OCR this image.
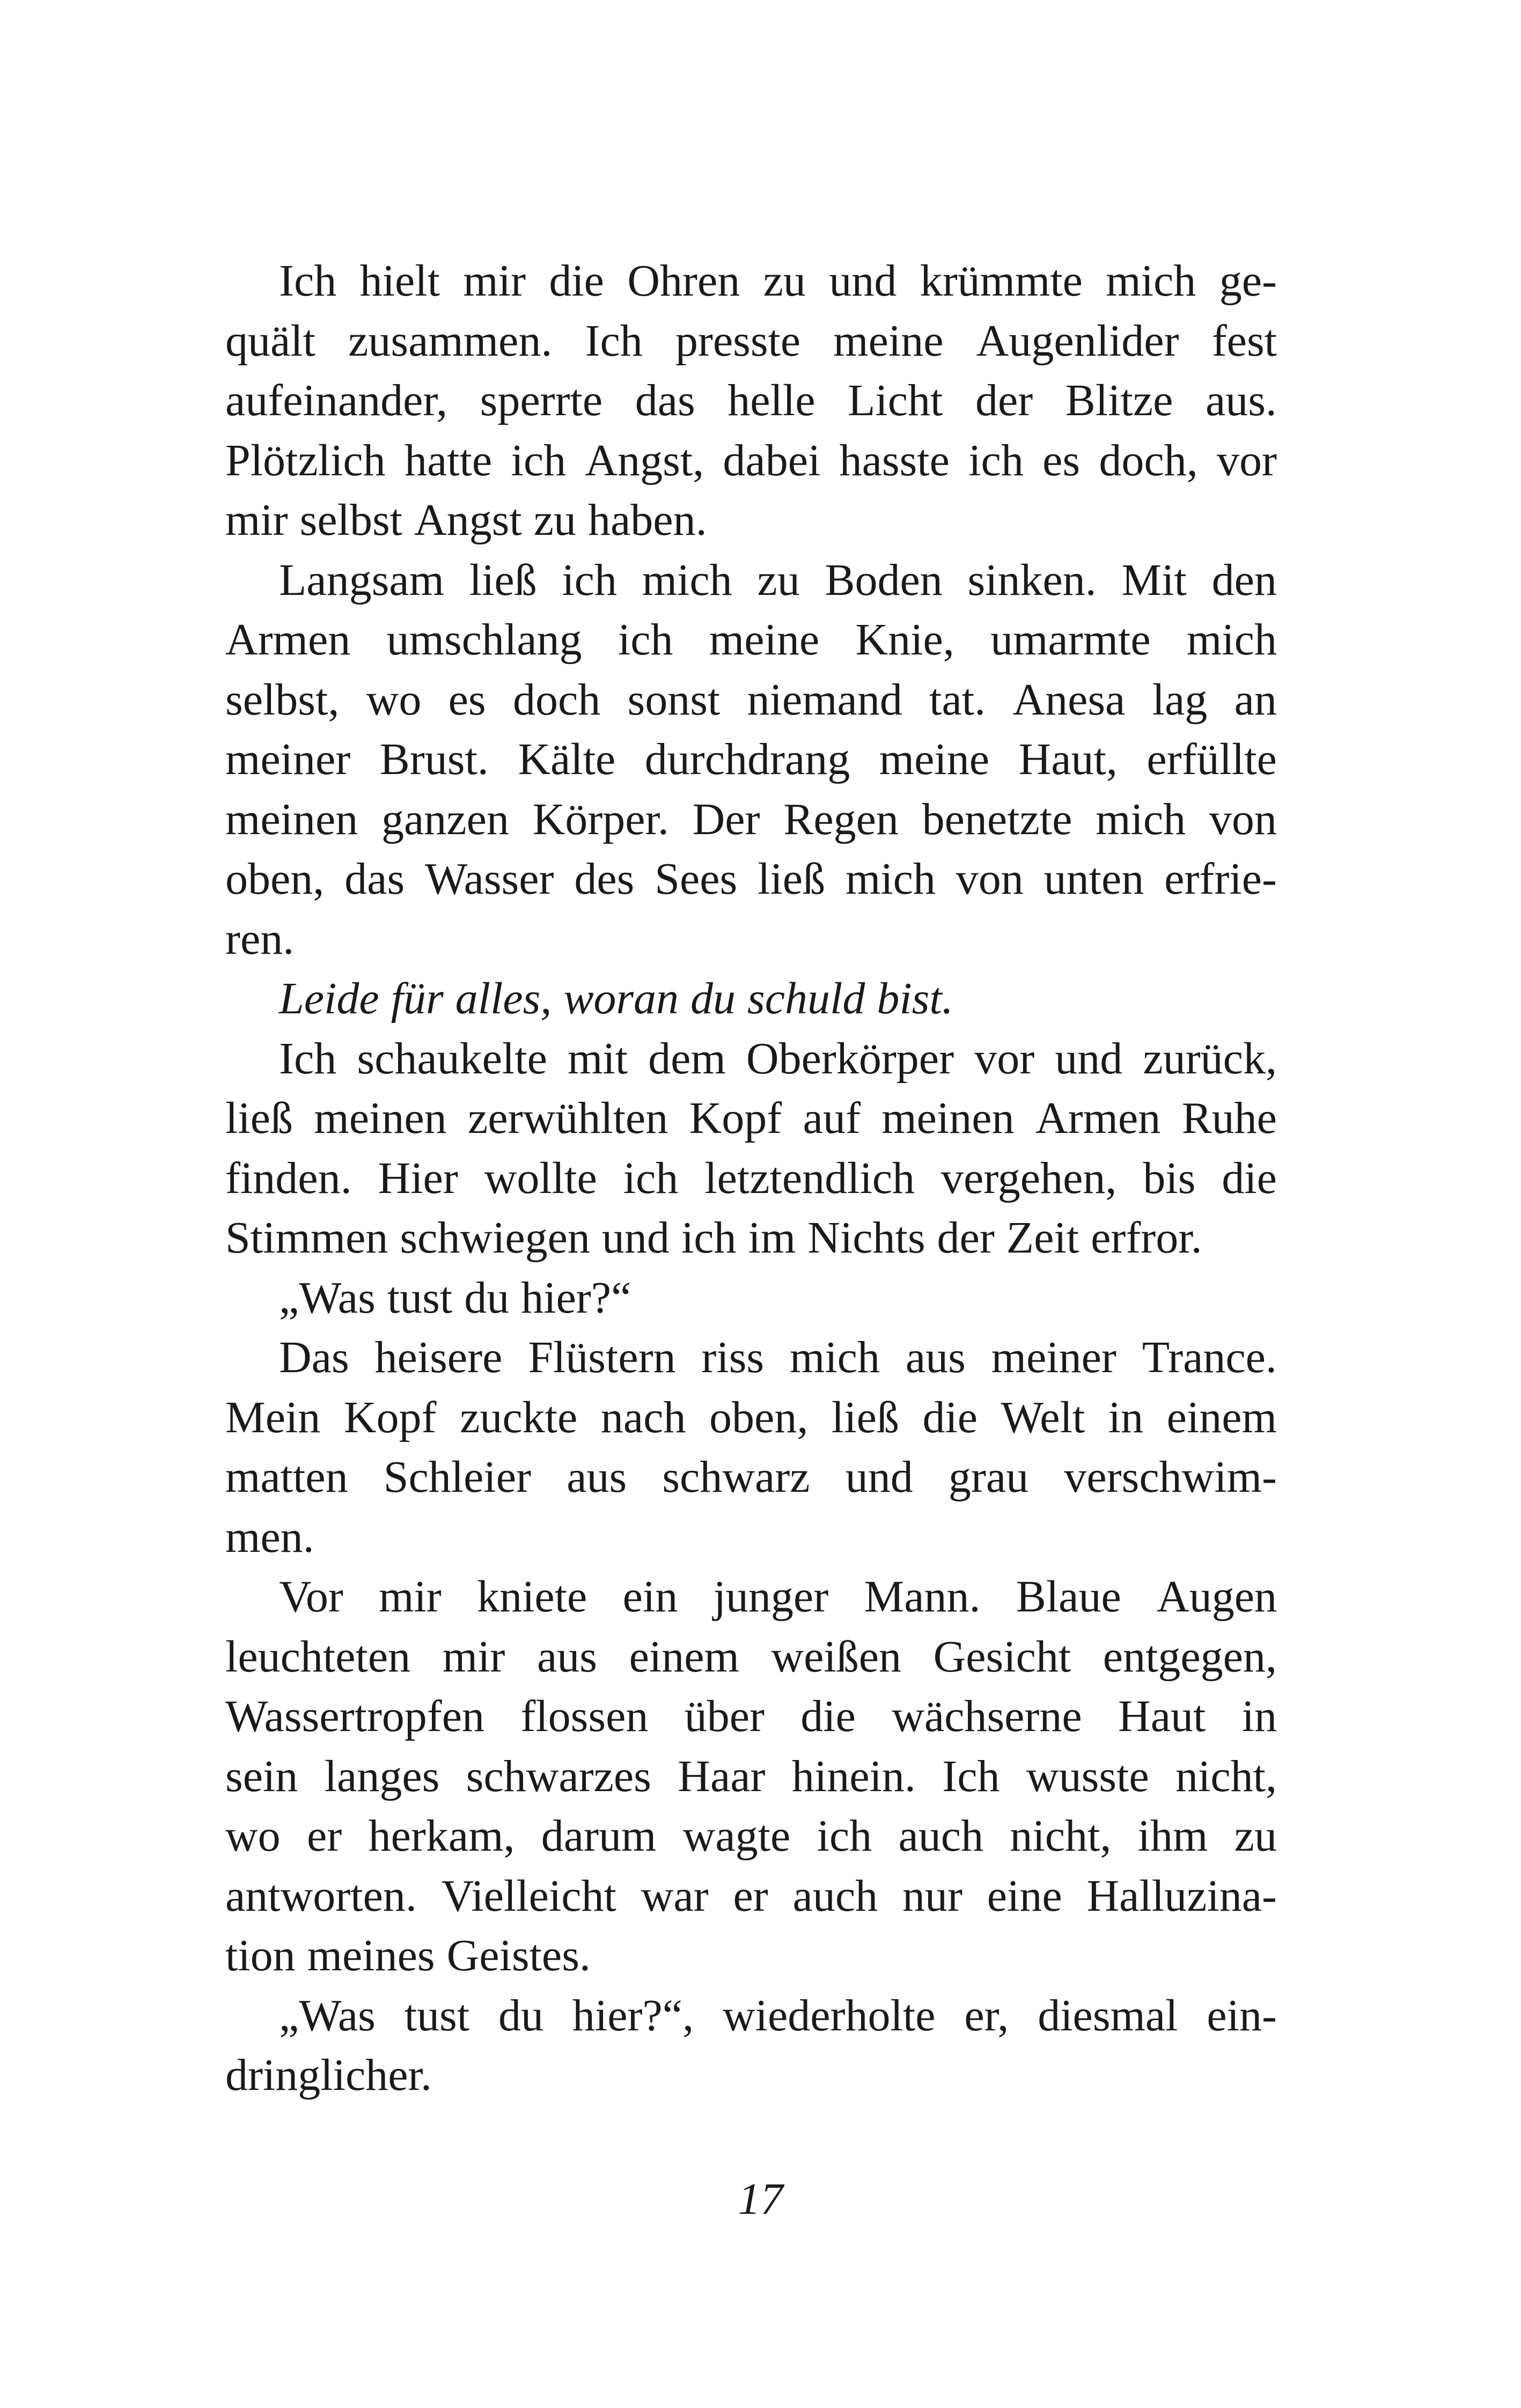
Ich hielt mir die Ohren zu und krümmte mich ge-
quält zusammen. Ich presste meine Augenlider fest
aufeinander, sperrte das helle Licht der Blitze aus.
Plötzlich hatte ich Angst, dabei hasste ich es doch, vor
mir selbst Angst zu haben.
Langsam ließ ich mich zu Boden sinken. Mit den
Armen umschlang ich meine Knie, umarmte mich
selbst, wo es doch sonst niemand tat. Anesa lag an
meiner Brust. Kälte durchdrang meine Haut, erfüllte
meinen ganzen Körper. Der Regen benetzte mich von
oben, das Wasser des Sees ließ mich von unten erfrie-
ren.
Leide für alles, woran du schuld bist.
Ich schaukelte mit dem Oberkörper vor und zurück,
ließ meinen zerwühlten Kopf auf meinen Armen Ruhe
finden. Hier wollte ich letztendlich vergehen, bis die
Stimmen schwiegen und ich im Nichts der Zeit erfror.
„Was tust du hier?“
Das heisere Flüstern riss mich aus meiner Trance.
Mein Kopf zuckte nach oben, ließ die Welt in einem
matten Schleier aus schwarz und grau verschwim-
men.
Vor mir kniete ein junger Mann. Blaue Augen
leuchteten mir aus einem weißen Gesicht entgegen,
Wassertropfen flossen über die wächserne Haut in
sein langes schwarzes Haar hinein. Ich wusste nicht,
wo er herkam, darum wagte ich auch nicht, ihm zu
antworten. Vielleicht war er auch nur eine Halluzina-
tion meines Geistes.
„Was tust du hier?“, wiederholte er, diesmal ein-
dringlicher.
17
